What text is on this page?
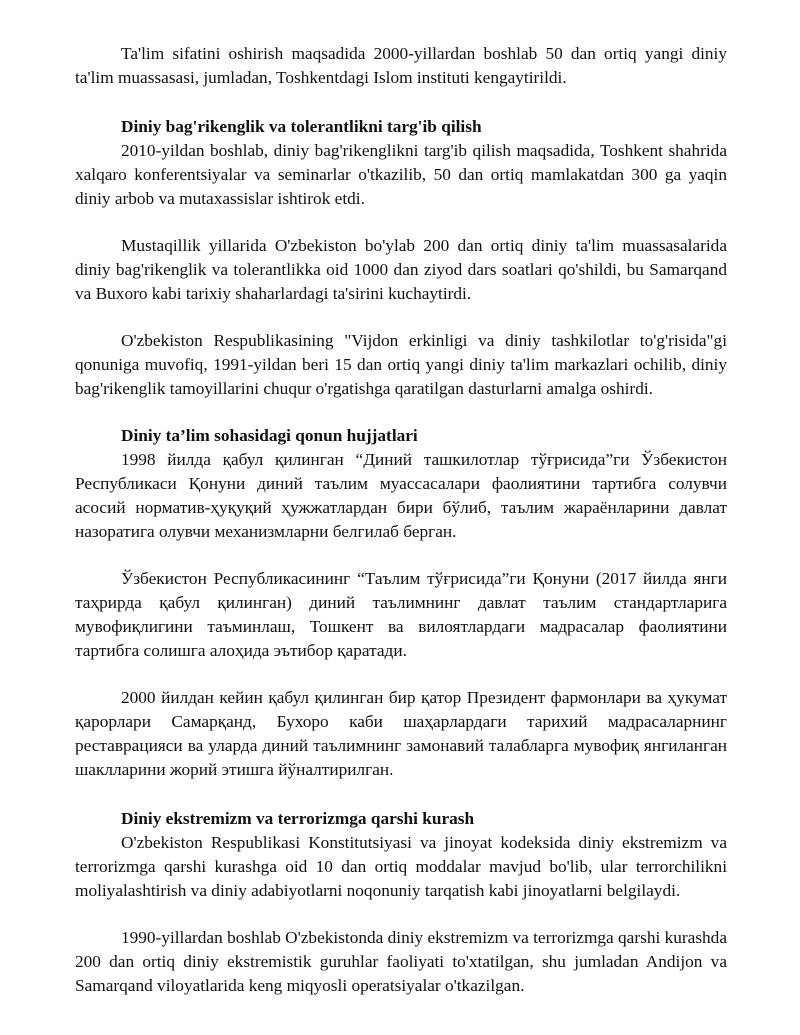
Ta'lim sifatini oshirish maqsadida 2000-yillardan boshlab 50 dan ortiq yangi diniy ta'lim muassasasi, jumladan, Toshkentdagi Islom instituti kengaytirildi.

Diniy bag'rikenglik va tolerantlikni targ'ib qilish

2010-yildan boshlab, diniy bag'rikenglikni targ'ib qilish maqsadida, Toshkent shahrida xalqaro konferentsiyalar va seminarlar o'tkazilib, 50 dan ortiq mamlakatdan 300 ga yaqin diniy arbob va mutaxassislar ishtirok etdi.

Mustaqillik yillarida O'zbekiston bo'ylab 200 dan ortiq diniy ta'lim muassasalarida diniy bag'rikenglik va tolerantlikka oid 1000 dan ziyod dars soatlari qo'shildi, bu Samarqand va Buxoro kabi tarixiy shaharlardagi ta'sirini kuchaytirdi.

O'zbekiston Respublikasining "Vijdon erkinligi va diniy tashkilotlar to'g'risida"gi qonuniga muvofiq, 1991-yildan beri 15 dan ortiq yangi diniy ta'lim markazlari ochilib, diniy bag'rikenglik tamoyillarini chuqur o'rgatishga qaratilgan dasturlarni amalga oshirdi.

Diniy ta’lim sohasidagi qonun hujjatlari

1998 йилда қабул қилинган “Диний ташкилотлар тўғрисида”ги Ўзбекистон Республикаси Қонуни диний таълим муассасалари фаолиятини тартибга солувчи асосий норматив-ҳуқуқий ҳужжатлардан бири бўлиб, таълим жараёнларини давлат назоратига олувчи механизмларни белгилаб берган.

Ўзбекистон Республикасининг “Таълим тўғрисида”ги Қонуни (2017 йилда янги таҳрирда қабул қилинган) диний таълимнинг давлат таълим стандартларига мувофиқлигини таъминлаш, Тошкент ва вилоятлардаги мадрасалар фаолиятини тартибга солишга алоҳида эътибор қаратади.

2000 йилдан кейин қабул қилинган бир қатор Президент фармонлари ва ҳукумат қарорлари Самарқанд, Бухоро каби шаҳарлардаги тарихий мадрасаларнинг реставрацияси ва уларда диний таълимнинг замонавий талабларга мувофиқ янгиланган шаклларини жорий этишга йўналтирилган.

Diniy ekstremizm va terrorizmga qarshi kurash

O'zbekiston Respublikasi Konstitutsiyasi va jinoyat kodeksida diniy ekstremizm va terrorizmga qarshi kurashga oid 10 dan ortiq moddalar mavjud bo'lib, ular terrorchilikni moliyalashtirish va diniy adabiyotlarni noqonuniy tarqatish kabi jinoyatlarni belgilaydi.

1990-yillardan boshlab O'zbekistonda diniy ekstremizm va terrorizmga qarshi kurashda 200 dan ortiq diniy ekstremistik guruhlar faoliyati to'xtatilgan, shu jumladan Andijon va Samarqand viloyatlarida keng miqyosli operatsiyalar o'tkazilgan.
